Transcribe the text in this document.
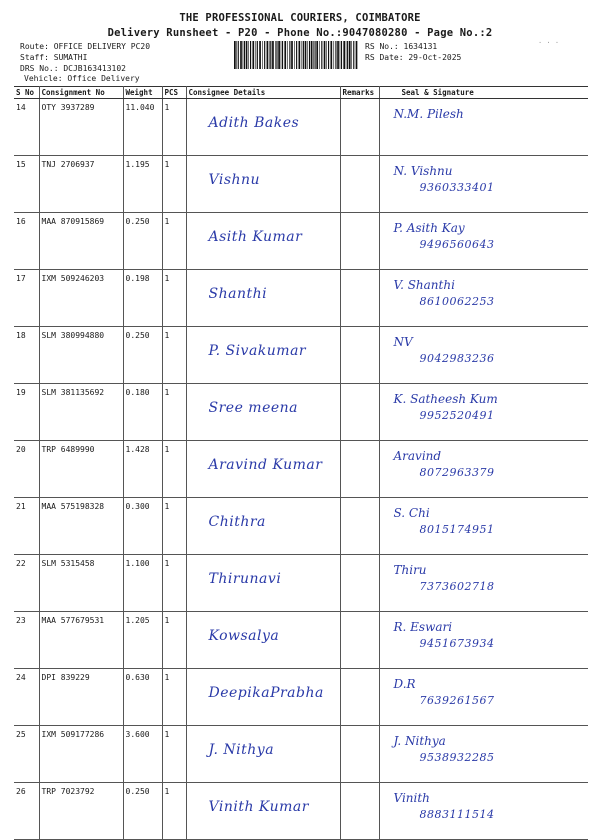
THE PROFESSIONAL COURIERS, COIMBATORE
Delivery Runsheet - P20 - Phone No.:9047080280 - Page No.:2
Route: OFFICE DELIVERY PC20
Staff: SUMATHI
DRS No.: DCJB163413102
Vehicle: Office Delivery
RS No.: 1634131
RS Date: 29-Oct-2025
· · ·
S No	Consignment No	Weight	PCS	Consignee Details	Remarks	Seal & Signature
14	OTY 3937289	11.040	1	Adith Bakes		N.M. Pilesh

15	TNJ 2706937	1.195	1	Vishnu		N. Vishnu
9360333401

16	MAA 870915869	0.250	1	Asith Kumar		P. Asith Kay
9496560643

17	IXM 509246203	0.198	1	Shanthi		V. Shanthi
8610062253

18	SLM 380994880	0.250	1	P. Sivakumar		NV
9042983236

19	SLM 381135692	0.180	1	Sree meena		K. Satheesh Kum
9952520491

20	TRP 6489990	1.428	1	Aravind Kumar		Aravind
8072963379

21	MAA 575198328	0.300	1	Chithra		S. Chi
8015174951

22	SLM 5315458	1.100	1	Thirunavi		Thiru
7373602718

23	MAA 577679531	1.205	1	Kowsalya		R. Eswari
9451673934

24	DPI 839229	0.630	1	DeepikaPrabha		D.R
7639261567

25	IXM 509177286	3.600	1	J. Nithya		J. Nithya
9538932285

26	TRP 7023792	0.250	1	Vinith Kumar		Vinith
8883111514
